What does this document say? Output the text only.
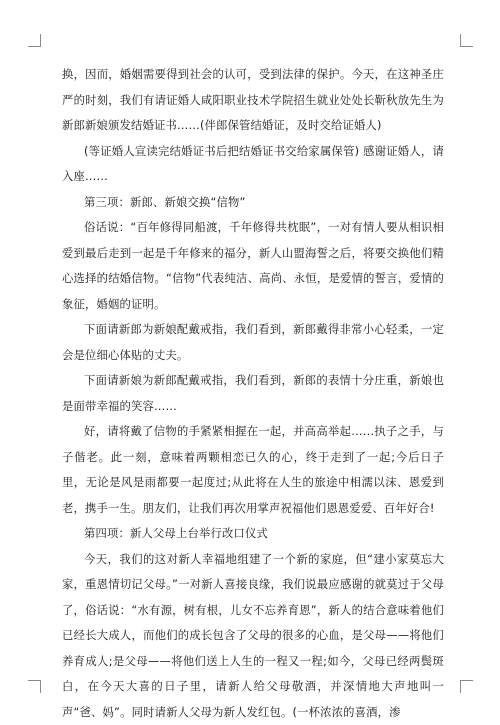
换，因而，婚姻需要得到社会的认可，受到法律的保护。今天，在这神圣庄严的时刻，我们有请证婚人咸阳职业技术学院招生就业处处长靳秋放先生为新郎新娘颁发结婚证书……(伴郎保管结婚证，及时交给证婚人)

(等证婚人宣读完结婚证书后把结婚证书交给家属保管) 感谢证婚人，请入座……

第三项：新郎、新娘交换“信物”

俗话说：“百年修得同船渡，千年修得共枕眠”，一对有情人要从相识相爱到最后走到一起是千年修来的福分，新人山盟海誓之后，将要交换他们精心选择的结婚信物。“信物”代表纯洁、高尚、永恒，是爱情的誓言，爱情的象征，婚姻的证明。

下面请新郎为新娘配戴戒指，我们看到，新郎戴得非常小心轻柔，一定会是位细心体贴的丈夫。

下面请新娘为新郎配戴戒指，我们看到，新郎的表情十分庄重，新娘也是面带幸福的笑容……

好，请将戴了信物的手紧紧相握在一起，并高高举起……执子之手，与子偕老。此一刻，意味着两颗相恋已久的心，终于走到了一起;今后日子里，无论是风是雨都要一起度过;从此将在人生的旅途中相濡以沫、恩爱到老，携手一生。朋友们，让我们再次用掌声祝福他们恩恩爱爱、百年好合!

第四项：新人父母上台举行改口仪式

今天，我们的这对新人幸福地组建了一个新的家庭，但“建小家莫忘大家，重恩情切记父母。”一对新人喜接良缘，我们说最应感谢的就莫过于父母了，俗话说：“水有源，树有根，儿女不忘养育恩”，新人的结合意味着他们已经长大成人，而他们的成长包含了父母的很多的心血，是父母——将他们养育成人;是父母——将他们送上人生的一程又一程;如今，父母已经两鬓斑白，在今天大喜的日子里，请新人给父母敬酒，并深情地大声地叫一声“爸、妈”。同时请新人父母为新人发红包。(一杯浓浓的喜酒，渗
